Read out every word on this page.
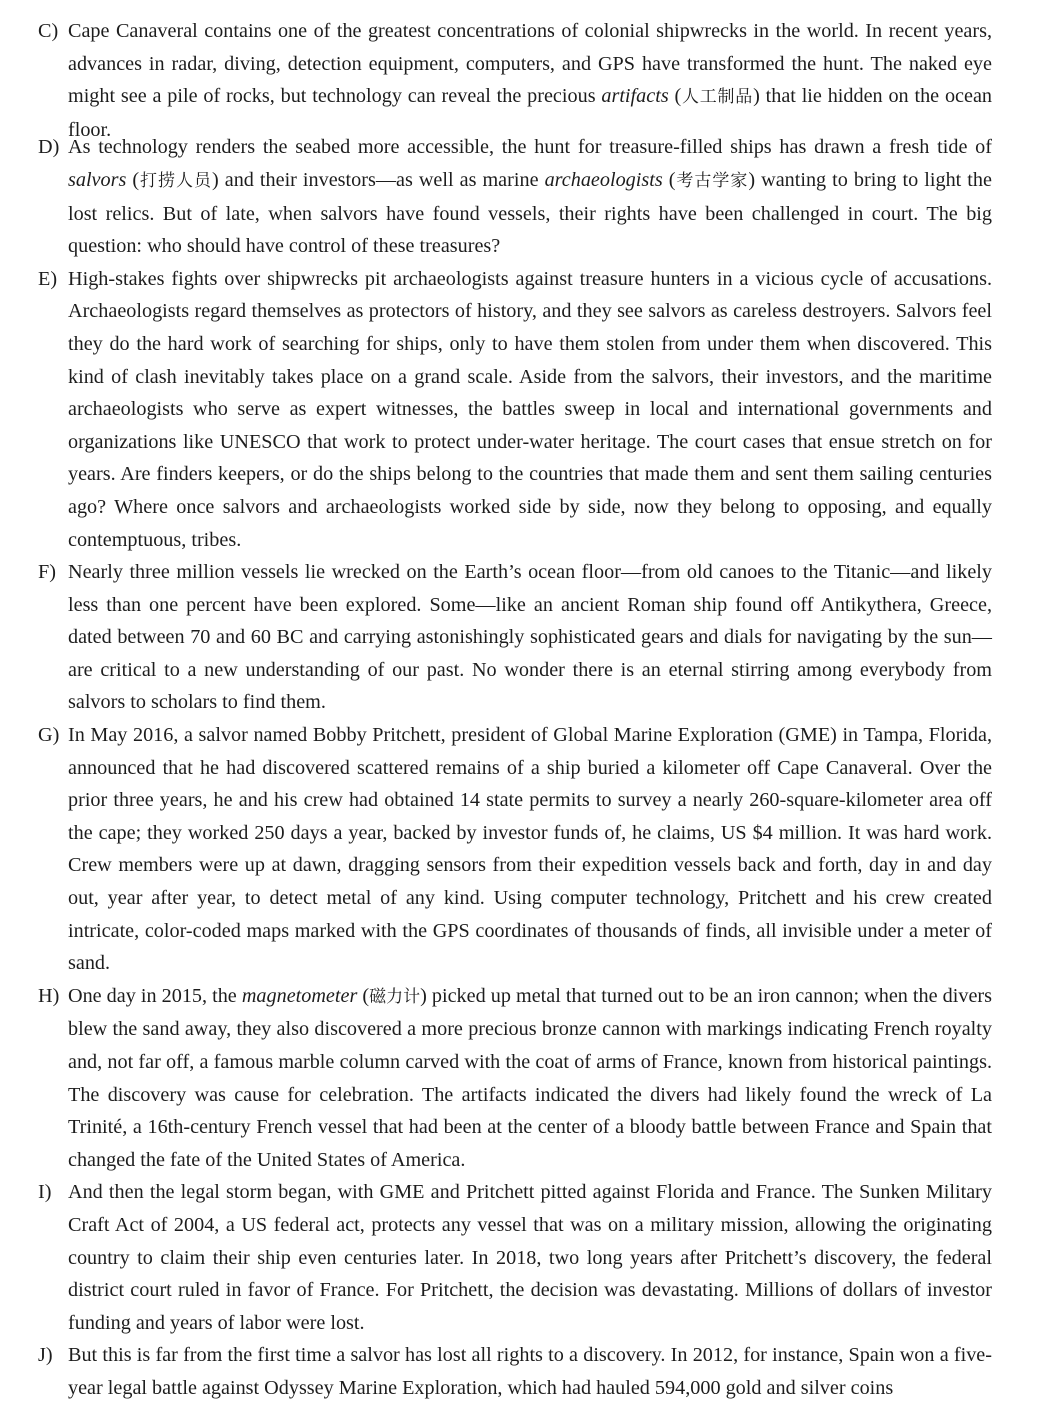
C) Cape Canaveral contains one of the greatest concentrations of colonial shipwrecks in the world. In recent years, advances in radar, diving, detection equipment, computers, and GPS have transformed the hunt. The naked eye might see a pile of rocks, but technology can reveal the precious artifacts (人工制品) that lie hidden on the ocean floor.
D) As technology renders the seabed more accessible, the hunt for treasure-filled ships has drawn a fresh tide of salvors (打捞人员) and their investors—as well as marine archaeologists (考古学家) wanting to bring to light the lost relics. But of late, when salvors have found vessels, their rights have been challenged in court. The big question: who should have control of these treasures?
E) High-stakes fights over shipwrecks pit archaeologists against treasure hunters in a vicious cycle of accusations. Archaeologists regard themselves as protectors of history, and they see salvors as careless destroyers. Salvors feel they do the hard work of searching for ships, only to have them stolen from under them when discovered. This kind of clash inevitably takes place on a grand scale. Aside from the salvors, their investors, and the maritime archaeologists who serve as expert witnesses, the battles sweep in local and international governments and organizations like UNESCO that work to protect under-water heritage. The court cases that ensue stretch on for years. Are finders keepers, or do the ships belong to the countries that made them and sent them sailing centuries ago? Where once salvors and archaeologists worked side by side, now they belong to opposing, and equally contemptuous, tribes.
F) Nearly three million vessels lie wrecked on the Earth’s ocean floor—from old canoes to the Titanic—and likely less than one percent have been explored. Some—like an ancient Roman ship found off Antikythera, Greece, dated between 70 and 60 BC and carrying astonishingly sophisticated gears and dials for navigating by the sun—are critical to a new understanding of our past. No wonder there is an eternal stirring among everybody from salvors to scholars to find them.
G) In May 2016, a salvor named Bobby Pritchett, president of Global Marine Exploration (GME) in Tampa, Florida, announced that he had discovered scattered remains of a ship buried a kilometer off Cape Canaveral. Over the prior three years, he and his crew had obtained 14 state permits to survey a nearly 260-square-kilometer area off the cape; they worked 250 days a year, backed by investor funds of, he claims, US $4 million. It was hard work. Crew members were up at dawn, dragging sensors from their expedition vessels back and forth, day in and day out, year after year, to detect metal of any kind. Using computer technology, Pritchett and his crew created intricate, color-coded maps marked with the GPS coordinates of thousands of finds, all invisible under a meter of sand.
H) One day in 2015, the magnetometer (磁力计) picked up metal that turned out to be an iron cannon; when the divers blew the sand away, they also discovered a more precious bronze cannon with markings indicating French royalty and, not far off, a famous marble column carved with the coat of arms of France, known from historical paintings. The discovery was cause for celebration. The artifacts indicated the divers had likely found the wreck of La Trinité, a 16th-century French vessel that had been at the center of a bloody battle between France and Spain that changed the fate of the United States of America.
I) And then the legal storm began, with GME and Pritchett pitted against Florida and France. The Sunken Military Craft Act of 2004, a US federal act, protects any vessel that was on a military mission, allowing the originating country to claim their ship even centuries later. In 2018, two long years after Pritchett’s discovery, the federal district court ruled in favor of France. For Pritchett, the decision was devastating. Millions of dollars of investor funding and years of labor were lost.
J) But this is far from the first time a salvor has lost all rights to a discovery. In 2012, for instance, Spain won a five-year legal battle against Odyssey Marine Exploration, which had hauled 594,000 gold and silver coins
